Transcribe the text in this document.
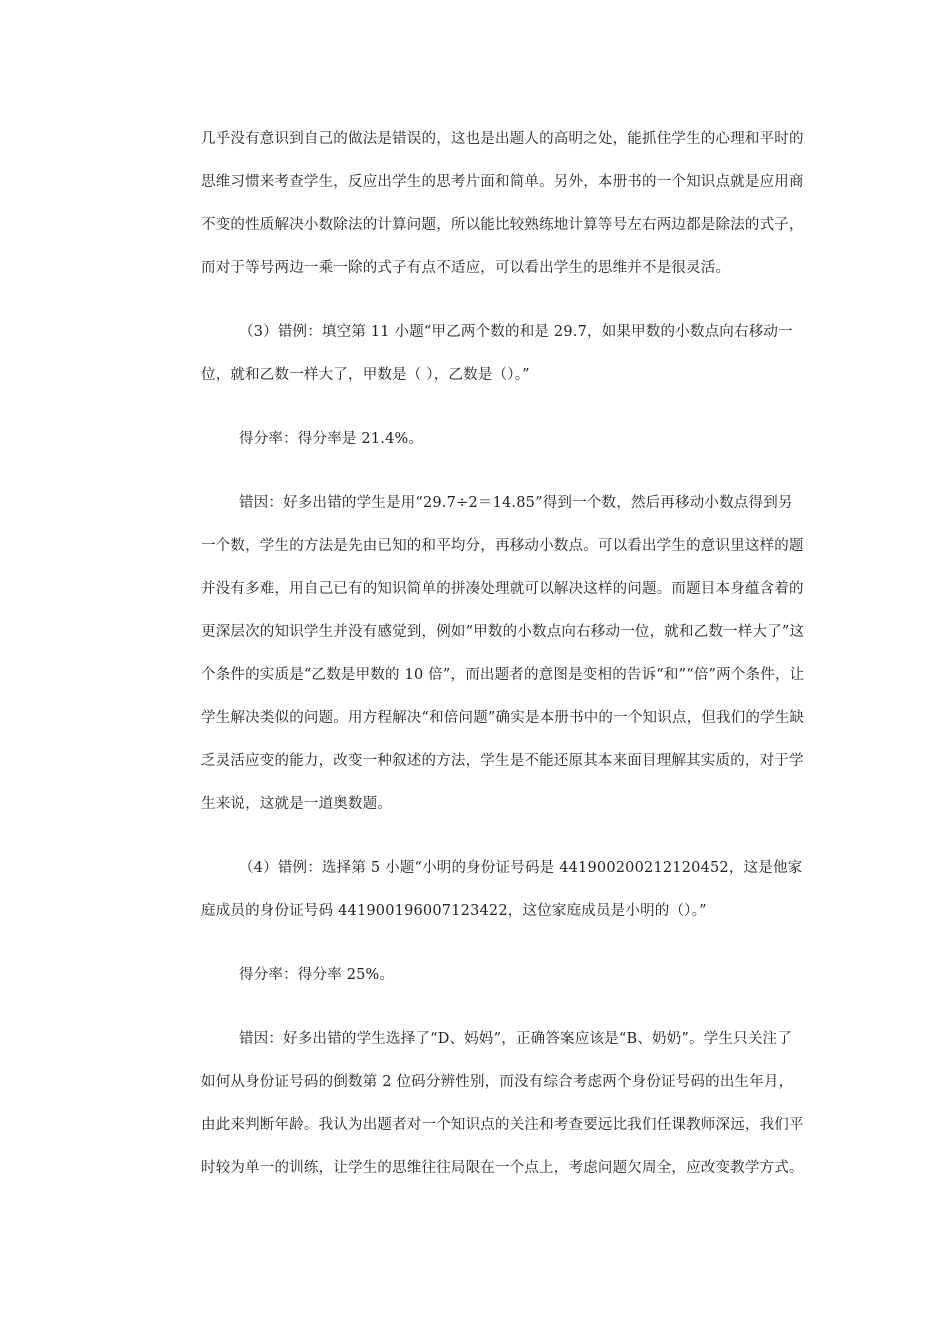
几乎没有意识到自己的做法是错误的，这也是出题人的高明之处，能抓住学生的心理和平时的思维习惯来考查学生，反应出学生的思考片面和简单。另外，本册书的一个知识点就是应用商不变的性质解决小数除法的计算问题，所以能比较熟练地计算等号左右两边都是除法的式子，而对于等号两边一乘一除的式子有点不适应，可以看出学生的思维并不是很灵活。

（3）错例：填空第 11 小题“甲乙两个数的和是 29.7，如果甲数的小数点向右移动一位，就和乙数一样大了，甲数是（ ），乙数是（）。”

得分率：得分率是 21.4%。

错因：好多出错的学生是用“29.7÷2＝14.85”得到一个数，然后再移动小数点得到另一个数，学生的方法是先由已知的和平均分，再移动小数点。可以看出学生的意识里这样的题并没有多难，用自己已有的知识简单的拼凑处理就可以解决这样的问题。而题目本身蕴含着的更深层次的知识学生并没有感觉到，例如“甲数的小数点向右移动一位，就和乙数一样大了”这个条件的实质是“乙数是甲数的 10 倍”，而出题者的意图是变相的告诉“和”“倍”两个条件，让学生解决类似的问题。用方程解决“和倍问题”确实是本册书中的一个知识点，但我们的学生缺乏灵活应变的能力，改变一种叙述的方法，学生是不能还原其本来面目理解其实质的，对于学生来说，这就是一道奥数题。

（4）错例：选择第 5 小题“小明的身份证号码是 441900200212120452，这是他家庭成员的身份证号码 441900196007123422，这位家庭成员是小明的（）。”

得分率：得分率 25%。

错因：好多出错的学生选择了“D、妈妈”，正确答案应该是“B、奶奶”。学生只关注了如何从身份证号码的倒数第 2 位码分辨性别，而没有综合考虑两个身份证号码的出生年月，由此来判断年龄。我认为出题者对一个知识点的关注和考查要远比我们任课教师深远，我们平时较为单一的训练，让学生的思维往往局限在一个点上，考虑问题欠周全，应改变教学方式。
